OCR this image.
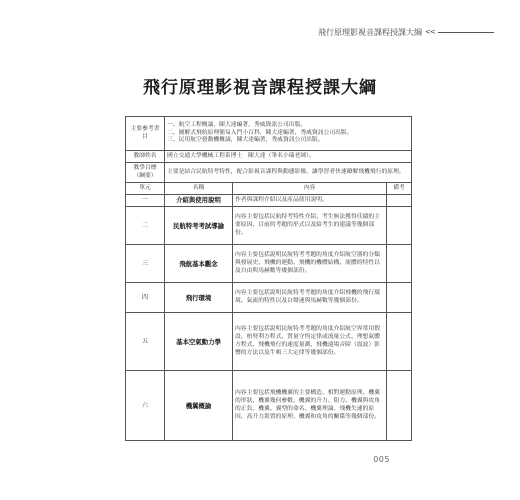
飛行原理影視音課程授課大綱 <<
飛行原理影視音課程授課大綱
主要參考書目	一、航空工程概論，陳大達編著，秀威資訊公司出版。
二、圖解式飛航原理簡易入門小百科，陳大達編著，秀威資訊公司出版。
三、民用航空發動機概論，陳大達編著，秀威資訊公司出版。		

教師姓名	國立交通大學機械工程系博士　陳大達（筆名小瑞老師）。		
教學目標（綱要）	主要是結合民航特考特性，配合影視音課程與動態影像，讓學習者快速瞭解飛機飛行的原理。		
單元	名稱	內容	備考
一	介紹與使用說明	作者與課程介紹以及產品使用說明。	
二	民航特考考試導論	內容主要包括民航特考特性介紹、考生無法獲得佳績的主要原因、目前的考題的形式以及給考生的建議等幾個部份。	
三	飛航基本觀念	內容主要包括說明民航特考考題的角度介紹航空器的分類與發展史、飛機的運動、飛機的機體結構、流體的特性以及自由與馬赫數等幾個部份。	
四	飛行環境	內容主要包括說明民航特考考題的角度介紹飛機的飛行環境、氣流的特性以及白聲速與馬赫數等幾個部份。	
五	基本空氣動力學	內容主要包括說明民航特考考題的角度介紹航空界常用假設、柏努利方程式、質量守恆定律或流量公式、理想氣體方程式、飛機飛行的速度量測、飛機遠場音障（震波）影響的方法以及牛頓三大定律等幾個部份。	
六	機翼概論	內容主要包括飛機機翼的主要構造、相對運動原理、機翼的形狀、機翼幾何參數、機翼的升力、阻力、機翼與攻角的正負、機翼、翼型的命名、機翼理論、飛機失速的原因、高升力裝置的原理、機翼和攻角的關係等幾個部份。	
005
